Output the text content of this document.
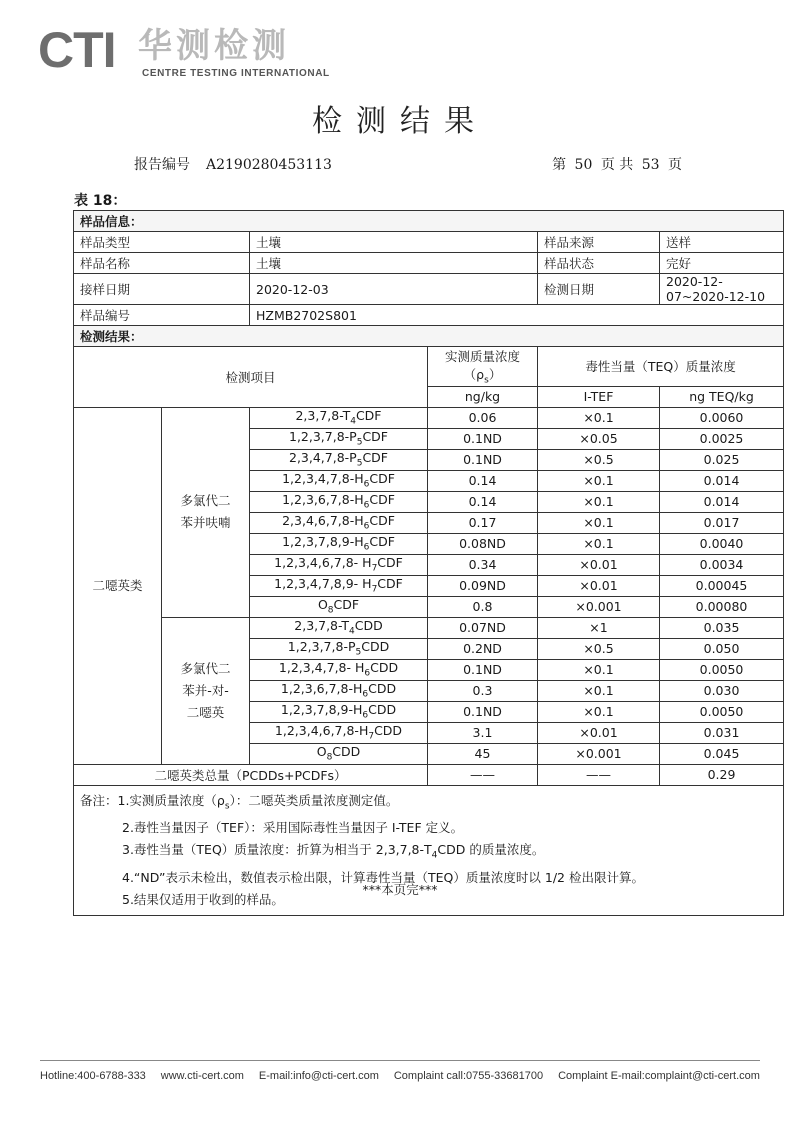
CTI 华测检测
CENTRE TESTING INTERNATIONAL
检测结果
报告编号 A2190280453113	第 50 页 共 53 页
表 18：
样品信息：					
样品类型		土壤		样品来源	送样
样品名称		土壤		样品状态	完好
接样日期		2020-12-03		检测日期	2020-12-07~2020-12-10
样品编号		HZMB2702S801			
检测结果：					
检测项目			实测质量浓度$(\rho_s)$	毒性当量（TEQ）质量浓度	
			ng/kg	I-TEF	ng TEQ/kg
二噁英类	多氯代二苯并呋喃	$2,3,7,8-T_4CDF$	0.06	×0.1	0.0060
		$1,2,3,7,8-P_5CDF$	0.1ND	×0.05	0.0025
		$2,3,4,7,8-P_5CDF$	0.1ND	×0.5	0.025
		$1,2,3,4,7,8-H_6CDF$	0.14	×0.1	0.014
		$1,2,3,6,7,8-H_6CDF$	0.14	×0.1	0.014
		$2,3,4,6,7,8-H_6CDF$	0.17	×0.1	0.017
		$1,2,3,7,8,9-H_6CDF$	0.08ND	×0.1	0.0040
		1,2,3,4,6,7,8- $H_7CDF$	0.34	×0.01	0.0034
		1,2,3,4,7,8,9- $H_7CDF$	0.09ND	×0.01	0.00045
		$O_8CDF$	0.8	×0.001	0.00080
	多氯代二苯并-对-二噁英	$2,3,7,8-T_4CDD$	0.07ND	×1	0.035
		$1,2,3,7,8-P_5CDD$	0.2ND	×0.5	0.050
		1,2,3,4,7,8- $H_6CDD$	0.1ND	×0.1	0.0050
		$1,2,3,6,7,8-H_6CDD$	0.3	×0.1	0.030
		$1,2,3,7,8,9-H_6CDD$	0.1ND	×0.1	0.0050
		$1,2,3,4,6,7,8-H_7CDD$	3.1	×0.01	0.031
		$O_8CDD$	45	×0.001	0.045
二噁英类总量（PCDDs+PCDFs）			——	——	0.29

备注：1.实测质量浓度$(\rho_s)$：二噁英类质量浓度测定值。
2.毒性当量因子（TEF）：采用国际毒性当量因子 I-TEF 定义。
3.毒性当量（TEQ）质量浓度：折算为相当于 $2,3,7,8-T_4CDD$ 的质量浓度。
4.“ND”表示未检出，数值表示检出限，计算毒性当量（TEQ）质量浓度时以 1/2 检出限计算。
5.结果仅适用于收到的样品。					
***本页完***
Hotline:400-6788-333 www.cti-cert.com E-mail:info@cti-cert.com Complaint call:0755-33681700 Complaint E-mail:complaint@cti-cert.com
